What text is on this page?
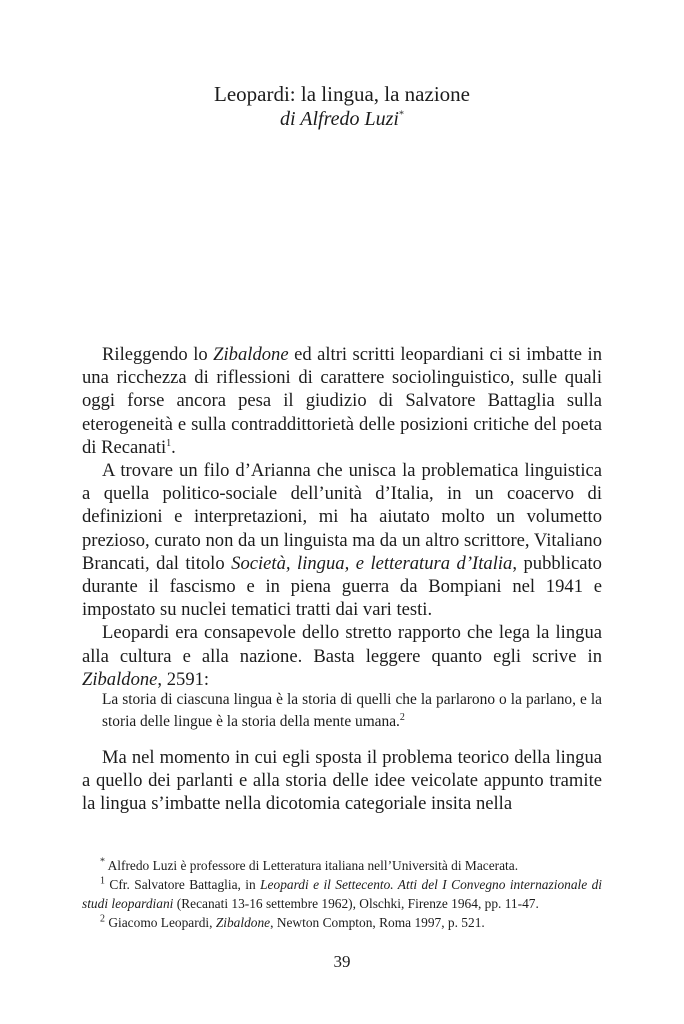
Leopardi: la lingua, la nazione
di Alfredo Luzi*

Rileggendo lo Zibaldone ed altri scritti leopardiani ci si imbatte in una ricchezza di riflessioni di carattere sociolinguistico, sulle quali oggi forse ancora pesa il giudizio di Salvatore Battaglia sulla eterogeneità e sulla contraddittorietà delle posizioni critiche del poeta di Recanati$^1$.

A trovare un filo d’Arianna che unisca la problematica linguistica a quella politico-sociale dell’unità d’Italia, in un coacervo di definizioni e interpretazioni, mi ha aiutato molto un volumetto prezioso, curato non da un linguista ma da un altro scrittore, Vitaliano Brancati, dal titolo Società, lingua, e letteratura d’Italia, pubblicato durante il fascismo e in piena guerra da Bompiani nel 1941 e impostato su nuclei tematici tratti dai vari testi.

Leopardi era consapevole dello stretto rapporto che lega la lingua alla cultura e alla nazione. Basta leggere quanto egli scrive in Zibaldone, 2591:

La storia di ciascuna lingua è la storia di quelli che la parlarono o la parlano, e la storia delle lingue è la storia della mente umana.$^2$

Ma nel momento in cui egli sposta il problema teorico della lingua a quello dei parlanti e alla storia delle idee veicolate appunto tramite la lingua s’imbatte nella dicotomia categoriale insita nella

* Alfredo Luzi è professore di Letteratura italiana nell’Università di Macerata.

$^1$ Cfr. Salvatore Battaglia, in Leopardi e il Settecento. Atti del I Convegno internazionale di studi leopardiani (Recanati 13-16 settembre 1962), Olschki, Firenze 1964, pp. 11-47.

$^2$ Giacomo Leopardi, Zibaldone, Newton Compton, Roma 1997, p. 521.

39
